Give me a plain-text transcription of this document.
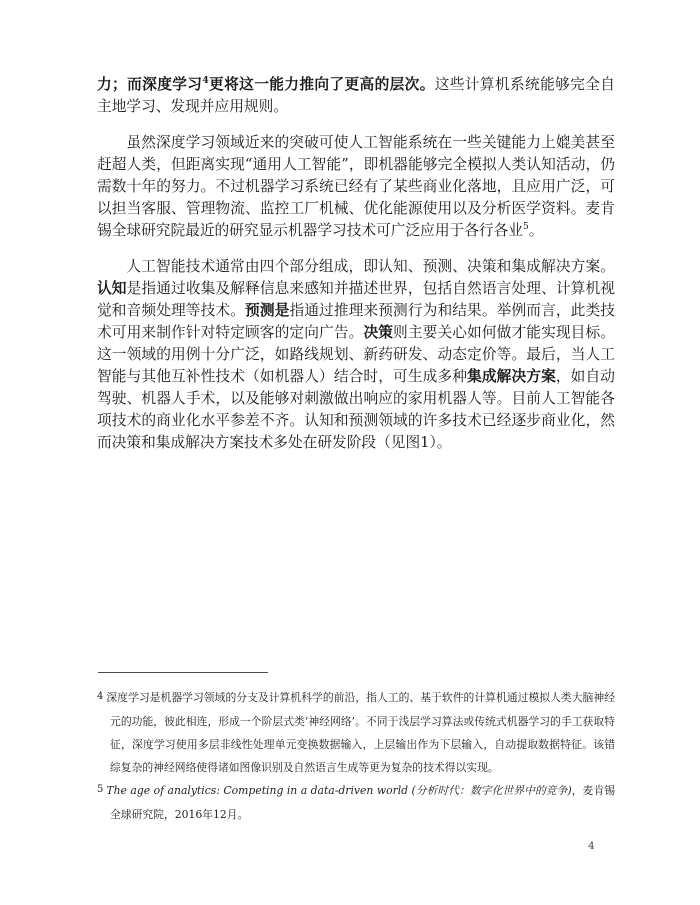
力；而深度学习$^4$更将这一能力推向了更高的层次。这些计算机系统能够完全自主地学习、发现并应用规则。

虽然深度学习领域近来的突破可使人工智能系统在一些关键能力上媲美甚至赶超人类，但距离实现“通用人工智能”，即机器能够完全模拟人类认知活动，仍需数十年的努力。不过机器学习系统已经有了某些商业化落地，且应用广泛，可以担当客服、管理物流、监控工厂机械、优化能源使用以及分析医学资料。麦肯锡全球研究院最近的研究显示机器学习技术可广泛应用于各行各业$^5$。

人工智能技术通常由四个部分组成，即认知、预测、决策和集成解决方案。认知是指通过收集及解释信息来感知并描述世界，包括自然语言处理、计算机视觉和音频处理等技术。预测是指通过推理来预测行为和结果。举例而言，此类技术可用来制作针对特定顾客的定向广告。决策则主要关心如何做才能实现目标。这一领域的用例十分广泛，如路线规划、新药研发、动态定价等。最后，当人工智能与其他互补性技术（如机器人）结合时，可生成多种集成解决方案，如自动驾驶、机器人手术，以及能够对刺激做出响应的家用机器人等。目前人工智能各项技术的商业化水平参差不齐。认知和预测领域的许多技术已经逐步商业化，然而决策和集成解决方案技术多处在研发阶段（见图1）。

4 深度学习是机器学习领域的分支及计算机科学的前沿，指人工的、基于软件的计算机通过模拟人类大脑神经元的功能，彼此相连，形成一个阶层式类‘神经网络’。不同于浅层学习算法或传统式机器学习的手工获取特征，深度学习使用多层非线性处理单元变换数据输入，上层输出作为下层输入，自动提取数据特征。该错综复杂的神经网络使得诸如图像识别及自然语言生成等更为复杂的技术得以实现。
5 The age of analytics: Competing in a data-driven world (分析时代：数字化世界中的竞争)，麦肯锡全球研究院，2016年12月。
4
